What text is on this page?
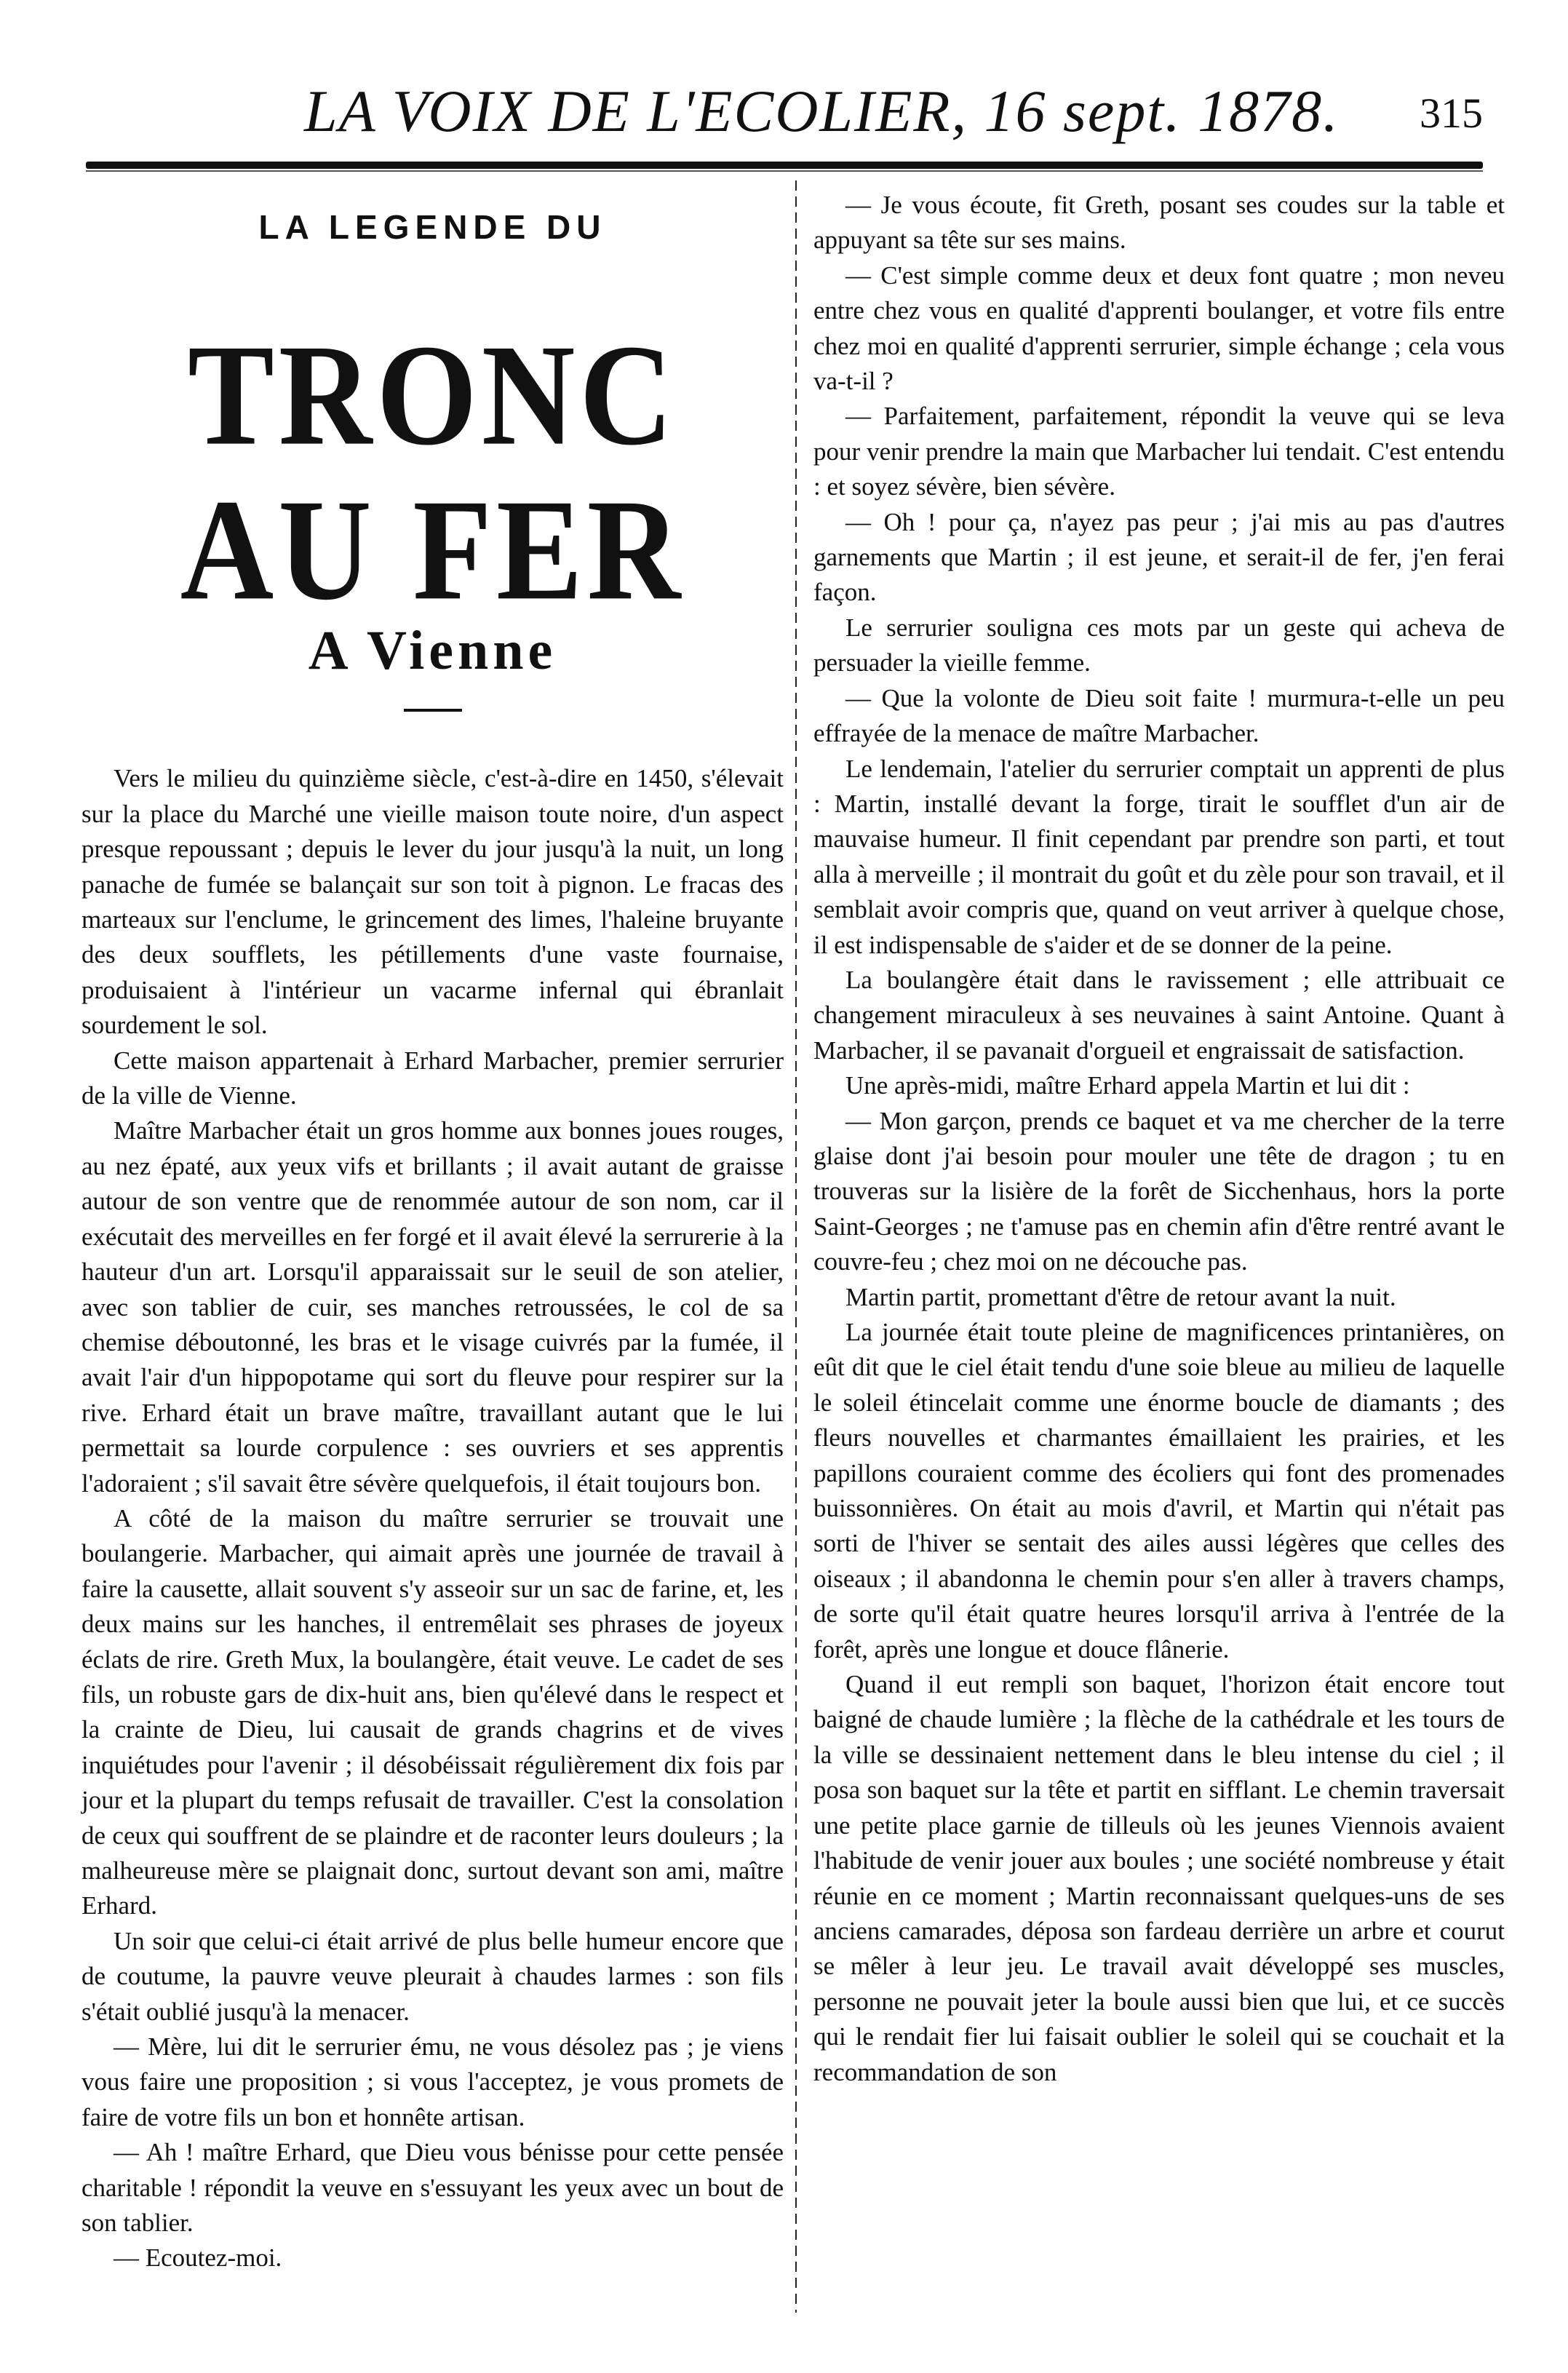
LA VOIX DE L'ECOLIER, 16 sept. 1878. 315
LA LEGENDE DU
TRONC AU FER
A Vienne

Vers le milieu du quinzième siècle, c'est-à-dire en 1450, s'élevait sur la place du Marché une vieille maison toute noire, d'un aspect presque repoussant ; depuis le lever du jour jusqu'à la nuit, un long panache de fumée se balançait sur son toit à pignon. Le fracas des marteaux sur l'enclume, le grincement des limes, l'haleine bruyante des deux soufflets, les pétillements d'une vaste fournaise, produisaient à l'intérieur un vacarme infernal qui ébranlait sourdement le sol.

Cette maison appartenait à Erhard Marbacher, premier serrurier de la ville de Vienne.

Maître Marbacher était un gros homme aux bonnes joues rouges, au nez épaté, aux yeux vifs et brillants ; il avait autant de graisse autour de son ventre que de renommée autour de son nom, car il exécutait des merveilles en fer forgé et il avait élevé la serrurerie à la hauteur d'un art. Lorsqu'il apparaissait sur le seuil de son atelier, avec son tablier de cuir, ses manches retroussées, le col de sa chemise déboutonné, les bras et le visage cuivrés par la fumée, il avait l'air d'un hippopotame qui sort du fleuve pour respirer sur la rive. Erhard était un brave maître, travaillant autant que le lui permettait sa lourde corpulence : ses ouvriers et ses apprentis l'adoraient ; s'il savait être sévère quelquefois, il était toujours bon.

A côté de la maison du maître serrurier se trouvait une boulangerie. Marbacher, qui aimait après une journée de travail à faire la causette, allait souvent s'y asseoir sur un sac de farine, et, les deux mains sur les hanches, il entremêlait ses phrases de joyeux éclats de rire. Greth Mux, la boulangère, était veuve. Le cadet de ses fils, un robuste gars de dix-huit ans, bien qu'élevé dans le respect et la crainte de Dieu, lui causait de grands chagrins et de vives inquiétudes pour l'avenir ; il désobéissait régulièrement dix fois par jour et la plupart du temps refusait de travailler. C'est la consolation de ceux qui souffrent de se plaindre et de raconter leurs douleurs ; la malheureuse mère se plaignait donc, surtout devant son ami, maître Erhard.

Un soir que celui-ci était arrivé de plus belle humeur encore que de coutume, la pauvre veuve pleurait à chaudes larmes : son fils s'était oublié jusqu'à la menacer.

— Mère, lui dit le serrurier ému, ne vous désolez pas ; je viens vous faire une proposition ; si vous l'acceptez, je vous promets de faire de votre fils un bon et honnête artisan.

— Ah ! maître Erhard, que Dieu vous bénisse pour cette pensée charitable ! répondit la veuve en s'essuyant les yeux avec un bout de son tablier.

— Ecoutez-moi.

— Je vous écoute, fit Greth, posant ses coudes sur la table et appuyant sa tête sur ses mains.

— C'est simple comme deux et deux font quatre ; mon neveu entre chez vous en qualité d'apprenti boulanger, et votre fils entre chez moi en qualité d'apprenti serrurier, simple échange ; cela vous va-t-il ?

— Parfaitement, parfaitement, répondit la veuve qui se leva pour venir prendre la main que Marbacher lui tendait. C'est entendu : et soyez sévère, bien sévère.

— Oh ! pour ça, n'ayez pas peur ; j'ai mis au pas d'autres garnements que Martin ; il est jeune, et serait-il de fer, j'en ferai façon.

Le serrurier souligna ces mots par un geste qui acheva de persuader la vieille femme.

— Que la volonte de Dieu soit faite ! murmura-t-elle un peu effrayée de la menace de maître Marbacher.

Le lendemain, l'atelier du serrurier comptait un apprenti de plus : Martin, installé devant la forge, tirait le soufflet d'un air de mauvaise humeur. Il finit cependant par prendre son parti, et tout alla à merveille ; il montrait du goût et du zèle pour son travail, et il semblait avoir compris que, quand on veut arriver à quelque chose, il est indispensable de s'aider et de se donner de la peine.

La boulangère était dans le ravissement ; elle attribuait ce changement miraculeux à ses neuvaines à saint Antoine. Quant à Marbacher, il se pavanait d'orgueil et engraissait de satisfaction.

Une après-midi, maître Erhard appela Martin et lui dit :

— Mon garçon, prends ce baquet et va me chercher de la terre glaise dont j'ai besoin pour mouler une tête de dragon ; tu en trouveras sur la lisière de la forêt de Sicchenhaus, hors la porte Saint-Georges ; ne t'amuse pas en chemin afin d'être rentré avant le couvre-feu ; chez moi on ne découche pas.

Martin partit, promettant d'être de retour avant la nuit.

La journée était toute pleine de magnificences printanières, on eût dit que le ciel était tendu d'une soie bleue au milieu de laquelle le soleil étincelait comme une énorme boucle de diamants ; des fleurs nouvelles et charmantes émaillaient les prairies, et les papillons couraient comme des écoliers qui font des promenades buissonnières. On était au mois d'avril, et Martin qui n'était pas sorti de l'hiver se sentait des ailes aussi légères que celles des oiseaux ; il abandonna le chemin pour s'en aller à travers champs, de sorte qu'il était quatre heures lorsqu'il arriva à l'entrée de la forêt, après une longue et douce flânerie.

Quand il eut rempli son baquet, l'horizon était encore tout baigné de chaude lumière ; la flèche de la cathédrale et les tours de la ville se dessinaient nettement dans le bleu intense du ciel ; il posa son baquet sur la tête et partit en sifflant. Le chemin traversait une petite place garnie de tilleuls où les jeunes Viennois avaient l'habitude de venir jouer aux boules ; une société nombreuse y était réunie en ce moment ; Martin reconnaissant quelques-uns de ses anciens camarades, déposa son fardeau derrière un arbre et courut se mêler à leur jeu. Le travail avait développé ses muscles, personne ne pouvait jeter la boule aussi bien que lui, et ce succès qui le rendait fier lui faisait oublier le soleil qui se couchait et la recommandation de son
